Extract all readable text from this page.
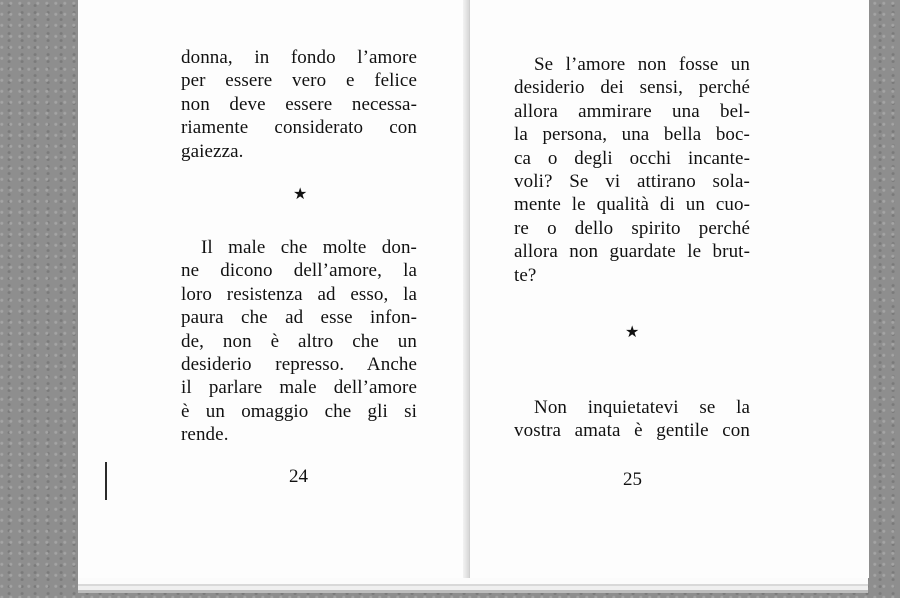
donna, in fondo l’amore
per essere vero e felice
non deve essere necessa-
riamente considerato con
gaiezza.
★
Il male che molte don-
ne dicono dell’amore, la
loro resistenza ad esso, la
paura che ad esse infon-
de, non è altro che un
desiderio represso. Anche
il parlare male dell’amore
è un omaggio che gli si
rende.
24
Se l’amore non fosse un
desiderio dei sensi, perché
allora ammirare una bel-
la persona, una bella boc-
ca o degli occhi incante-
voli? Se vi attirano sola-
mente le qualità di un cuo-
re o dello spirito perché
allora non guardate le brut-
te?
★
Non inquietatevi se la
vostra amata è gentile con
25
